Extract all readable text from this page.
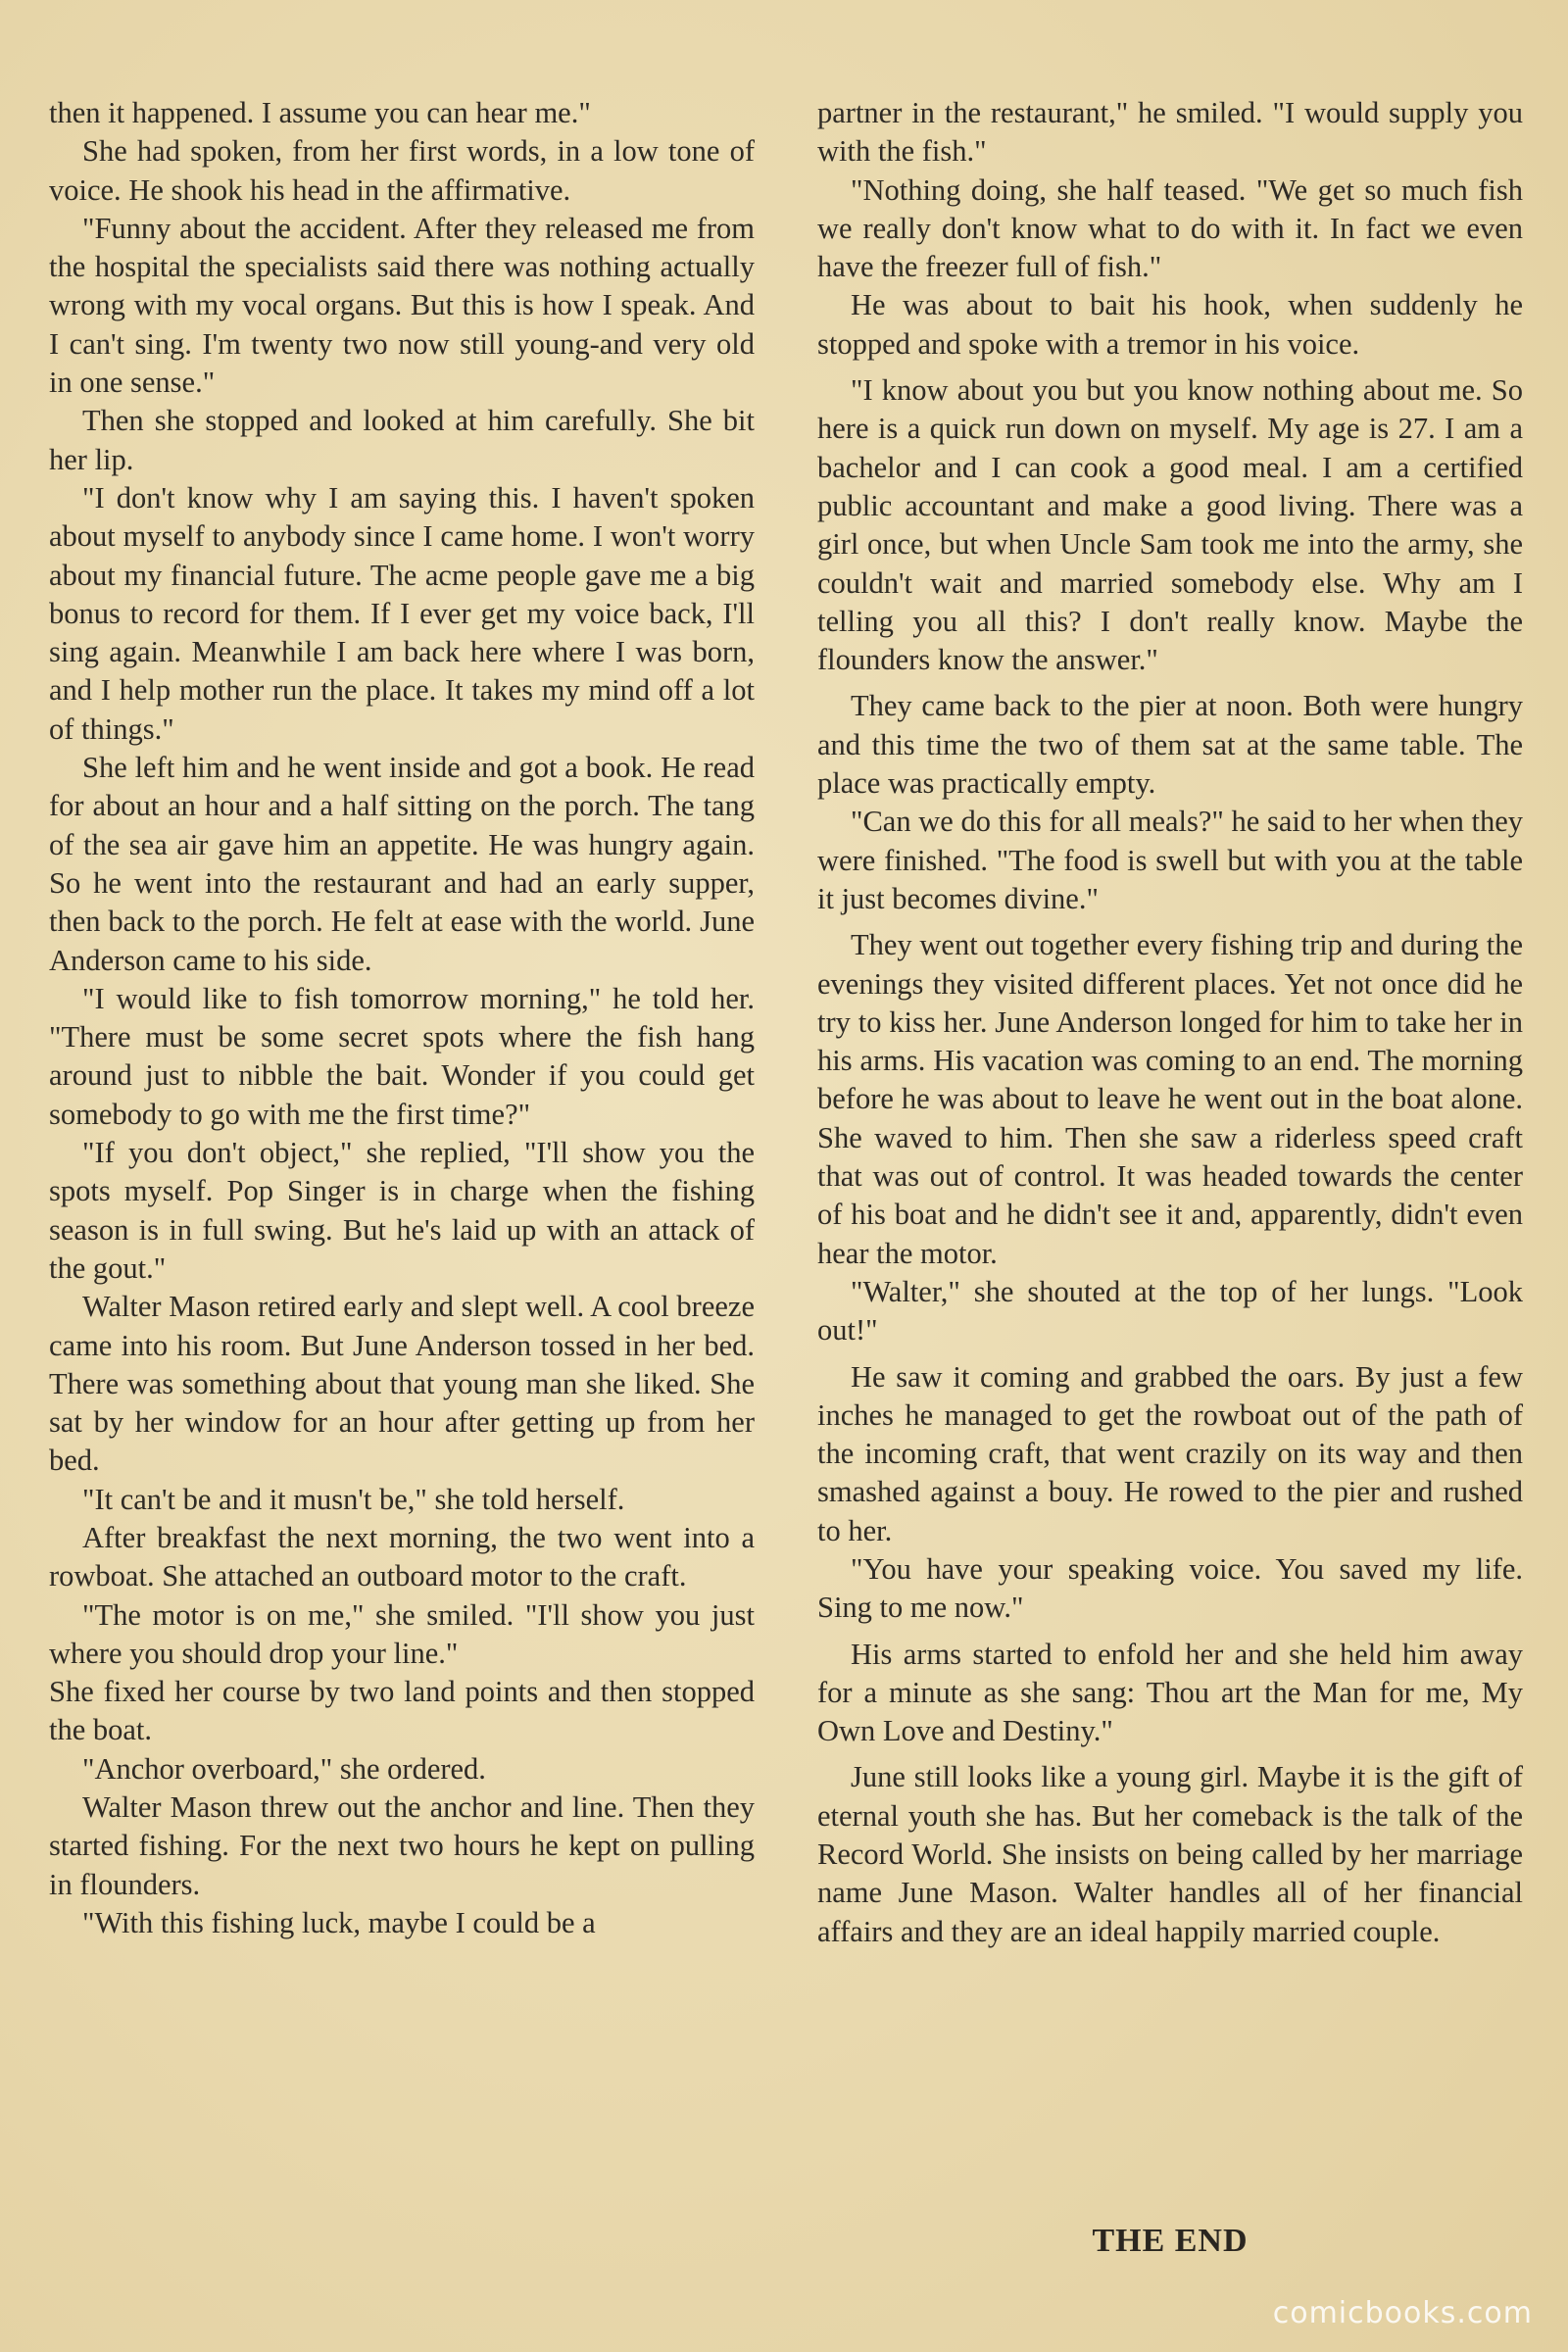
then it happened. I assume you can hear me."

She had spoken, from her first words, in a low tone of voice. He shook his head in the affirmative.

"Funny about the accident. After they released me from the hospital the specialists said there was nothing actually wrong with my vocal organs. But this is how I speak. And I can't sing. I'm twenty two now still young-and very old in one sense."

Then she stopped and looked at him carefully. She bit her lip.

"I don't know why I am saying this. I haven't spoken about myself to anybody since I came home. I won't worry about my financial future. The acme people gave me a big bonus to record for them. If I ever get my voice back, I'll sing again. Meanwhile I am back here where I was born, and I help mother run the place. It takes my mind off a lot of things."

She left him and he went inside and got a book. He read for about an hour and a half sitting on the porch. The tang of the sea air gave him an appetite. He was hungry again. So he went into the restaurant and had an early supper, then back to the porch. He felt at ease with the world. June Anderson came to his side.

"I would like to fish tomorrow morning," he told her. "There must be some secret spots where the fish hang around just to nibble the bait. Wonder if you could get somebody to go with me the first time?"

"If you don't object," she replied, "I'll show you the spots myself. Pop Singer is in charge when the fishing season is in full swing. But he's laid up with an attack of the gout."

Walter Mason retired early and slept well. A cool breeze came into his room. But June Anderson tossed in her bed. There was something about that young man she liked. She sat by her window for an hour after getting up from her bed.

"It can't be and it musn't be," she told herself.

After breakfast the next morning, the two went into a rowboat. She attached an outboard motor to the craft.

"The motor is on me," she smiled. "I'll show you just where you should drop your line."

She fixed her course by two land points and then stopped the boat.

"Anchor overboard," she ordered.

Walter Mason threw out the anchor and line. Then they started fishing. For the next two hours he kept on pulling in flounders.

"With this fishing luck, maybe I could be a

partner in the restaurant," he smiled. "I would supply you with the fish."

"Nothing doing, she half teased. "We get so much fish we really don't know what to do with it. In fact we even have the freezer full of fish."

He was about to bait his hook, when suddenly he stopped and spoke with a tremor in his voice.

"I know about you but you know nothing about me. So here is a quick run down on myself. My age is 27. I am a bachelor and I can cook a good meal. I am a certified public accountant and make a good living. There was a girl once, but when Uncle Sam took me into the army, she couldn't wait and married somebody else. Why am I telling you all this? I don't really know. Maybe the flounders know the answer."

They came back to the pier at noon. Both were hungry and this time the two of them sat at the same table. The place was practically empty.

"Can we do this for all meals?" he said to her when they were finished. "The food is swell but with you at the table it just becomes divine."

They went out together every fishing trip and during the evenings they visited different places. Yet not once did he try to kiss her. June Anderson longed for him to take her in his arms. His vacation was coming to an end. The morning before he was about to leave he went out in the boat alone. She waved to him. Then she saw a riderless speed craft that was out of control. It was headed towards the center of his boat and he didn't see it and, apparently, didn't even hear the motor.

"Walter," she shouted at the top of her lungs. "Look out!"

He saw it coming and grabbed the oars. By just a few inches he managed to get the rowboat out of the path of the incoming craft, that went crazily on its way and then smashed against a bouy. He rowed to the pier and rushed to her.

"You have your speaking voice. You saved my life. Sing to me now."

His arms started to enfold her and she held him away for a minute as she sang: Thou art the Man for me, My Own Love and Destiny."

June still looks like a young girl. Maybe it is the gift of eternal youth she has. But her comeback is the talk of the Record World. She insists on being called by her marriage name June Mason. Walter handles all of her financial affairs and they are an ideal happily married couple.

THE END
comicbooks.com
